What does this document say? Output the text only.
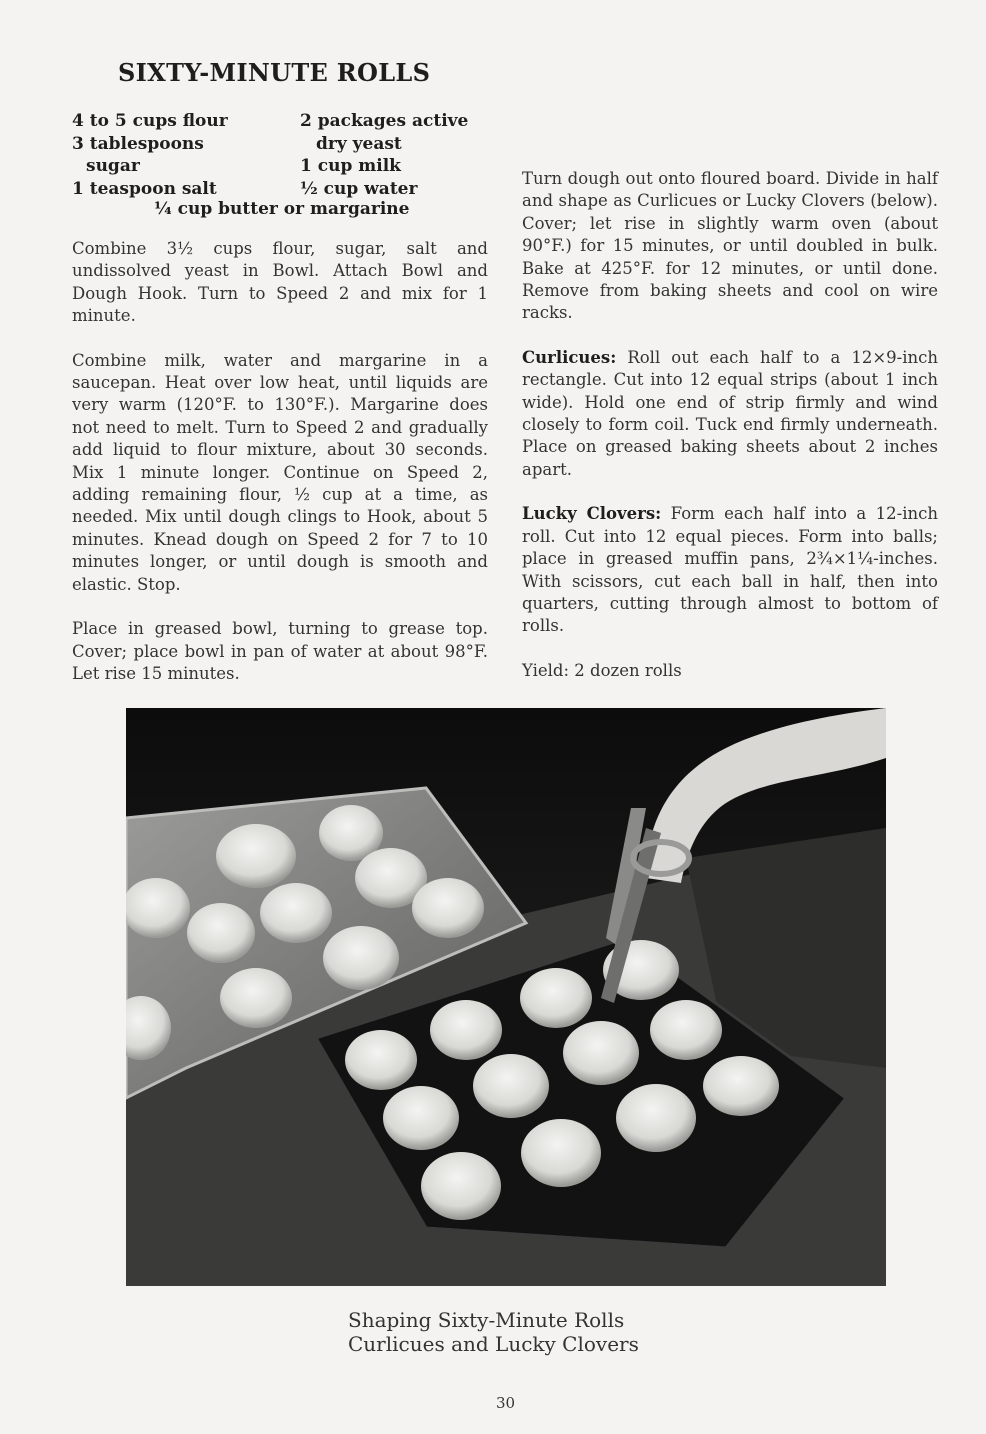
SIXTY-MINUTE ROLLS
4 to 5 cups flour
3 tablespoons
sugar
1 teaspoon salt
2 packages active
dry yeast
1 cup milk
½ cup water
¼ cup butter or margarine

Combine 3½ cups flour, sugar, salt and undissolved yeast in Bowl. Attach Bowl and Dough Hook. Turn to Speed 2 and mix for 1 minute.

Combine milk, water and margarine in a saucepan. Heat over low heat, until liquids are very warm (120°F. to 130°F.). Margarine does not need to melt. Turn to Speed 2 and gradually add liquid to flour mixture, about 30 seconds. Mix 1 minute longer. Continue on Speed 2, adding remaining flour, ½ cup at a time, as needed. Mix until dough clings to Hook, about 5 minutes. Knead dough on Speed 2 for 7 to 10 minutes longer, or until dough is smooth and elastic. Stop.

Place in greased bowl, turning to grease top. Cover; place bowl in pan of water at about 98°F. Let rise 15 minutes.

Turn dough out onto floured board. Divide in half and shape as Curlicues or Lucky Clovers (below). Cover; let rise in slightly warm oven (about 90°F.) for 15 minutes, or until doubled in bulk. Bake at 425°F. for 12 minutes, or until done. Remove from baking sheets and cool on wire racks.

Curlicues: Roll out each half to a 12×9-inch rectangle. Cut into 12 equal strips (about 1 inch wide). Hold one end of strip firmly and wind closely to form coil. Tuck end firmly underneath. Place on greased baking sheets about 2 inches apart.

Lucky Clovers: Form each half into a 12-inch roll. Cut into 12 equal pieces. Form into balls; place in greased muffin pans, 2¾×1¼-inches. With scissors, cut each ball in half, then into quarters, cutting through almost to bottom of rolls.

Yield: 2 dozen rolls

Shaping Sixty-Minute Rolls
Curlicues and Lucky Clovers
30
